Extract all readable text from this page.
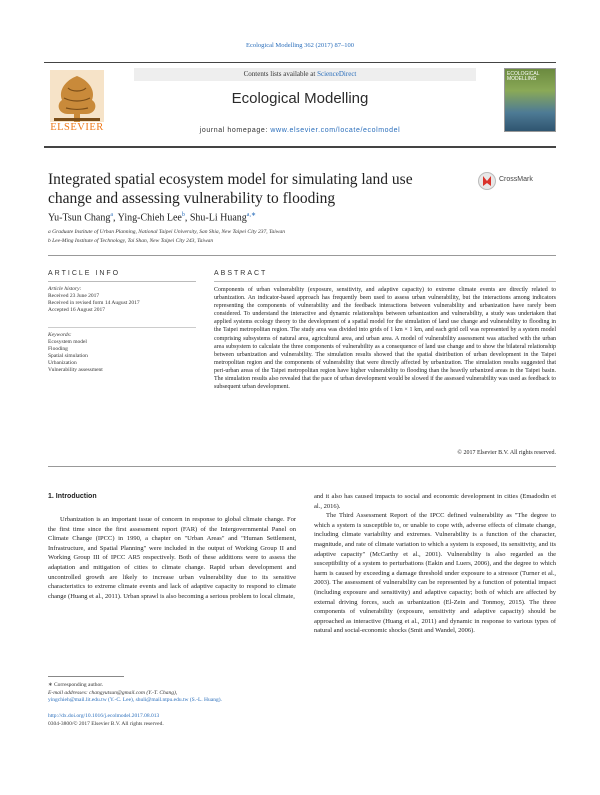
Ecological Modelling 362 (2017) 87–100
Contents lists available at ScienceDirect
Ecological Modelling
journal homepage: www.elsevier.com/locate/ecolmodel
ELSEVIER
ECOLOGICAL MODELLING
Integrated spatial ecosystem model for simulating land use change and assessing vulnerability to flooding
CrossMark
Yu-Tsun Chang$^a$, Ying-Chieh Lee$^b$, Shu-Li Huang$^{a,∗}$
a Graduate Institute of Urban Planning, National Taipei University, San Shia, New Taipei City 237, Taiwan
b Lee-Ming Institute of Technology, Tai Shan, New Taipei City 243, Taiwan
ARTICLE INFO	ABSTRACT
Article history:
Received 23 June 2017
Received in revised form 14 August 2017
Accepted 16 August 2017
Keywords:
Ecosystem model
Flooding
Spatial simulation
Urbanization
Vulnerability assessment
Components of urban vulnerability (exposure, sensitivity, and adaptive capacity) to extreme climate events are directly related to urbanization. An indicator-based approach has frequently been used to assess urban vulnerability, but the interactions among indicators representing the components of vulnerability and the feedback interactions between vulnerability and urbanization have rarely been considered. To understand the interactive and dynamic relationships between urbanization and vulnerability, a study was undertaken that applied systems ecology theory to the development of a spatial model for the simulation of land use change and vulnerability to flooding in the Taipei metropolitan region. The study area was divided into grids of 1 km × 1 km, and each grid cell was represented by a system model comprising subsystems of natural area, agricultural area, and urban area. A model of vulnerability assessment was attached with the urban area subsystem to calculate the three components of vulnerability as a consequence of land use change and to show the bilateral relationship between urbanization and vulnerability. The simulation results showed that the spatial distribution of urban development in the Taipei metropolitan region and the components of vulnerability that were directly affected by urbanization. The simulation results suggested that peri-urban areas of the Taipei metropolitan region have higher vulnerability to flooding than the heavily urbanized areas in the Taipei basin. The simulation results also revealed that the pace of urban development would be slowed if the assessed vulnerability was used as feedback to subsequent urban development.
© 2017 Elsevier B.V. All rights reserved.
1. Introduction

Urbanization is an important issue of concern in response to global climate change. For the first time since the first assessment report (FAR) of the Intergovernmental Panel on Climate Change (IPCC) in 1990, a chapter on "Urban Areas" and "Human Settlement, Infrastructure, and Spatial Planning" were included in the output of Working Group II and Working Group III of IPCC AR5 respectively. Both of these additions were to assess the adaptation and mitigation of cities to climate change. Rapid urban development and uncontrolled growth are likely to increase urban vulnerability due to its sensitive characteristics to extreme climate events and lack of adaptive capacity to respond to climate change (Huang et al., 2011). Urban sprawl is also becoming a serious problem to local climate,

and it also has caused impacts to social and economic development in cities (Emadodin et al., 2016).

The Third Assessment Report of the IPCC defined vulnerability as "The degree to which a system is susceptible to, or unable to cope with, adverse effects of climate change, including climate variability and extremes. Vulnerability is a function of the character, magnitude, and rate of climate variation to which a system is exposed, its sensitivity, and its adaptive capacity" (McCarthy et al., 2001). Vulnerability is also regarded as the susceptibility of a system to perturbations (Eakin and Luers, 2006), and the degree to which harm is caused by exceeding a damage threshold under exposure to a stressor (Turner et al., 2003). The assessment of vulnerability can be represented by a function of potential impact (including exposure and sensitivity) and adaptive capacity; both of which are affected by external driving forces, such as urbanization (El-Zein and Tonmoy, 2015). The three components of vulnerability (exposure, sensitivity and adaptive capacity) should be approached as interactive (Huang et al., 2011) and dynamic in response to various types of natural and social-economic shocks (Smit and Wandel, 2006).

∗ Corresponding author.
E-mail addresses: changyutsun@gmail.com (Y.-T. Chang),
yingchieh@mail.lit.edu.tw (Y.-C. Lee), shuli@mail.ntpu.edu.tw (S.-L. Huang).
http://dx.doi.org/10.1016/j.ecolmodel.2017.08.013
0304-3800/© 2017 Elsevier B.V. All rights reserved.
